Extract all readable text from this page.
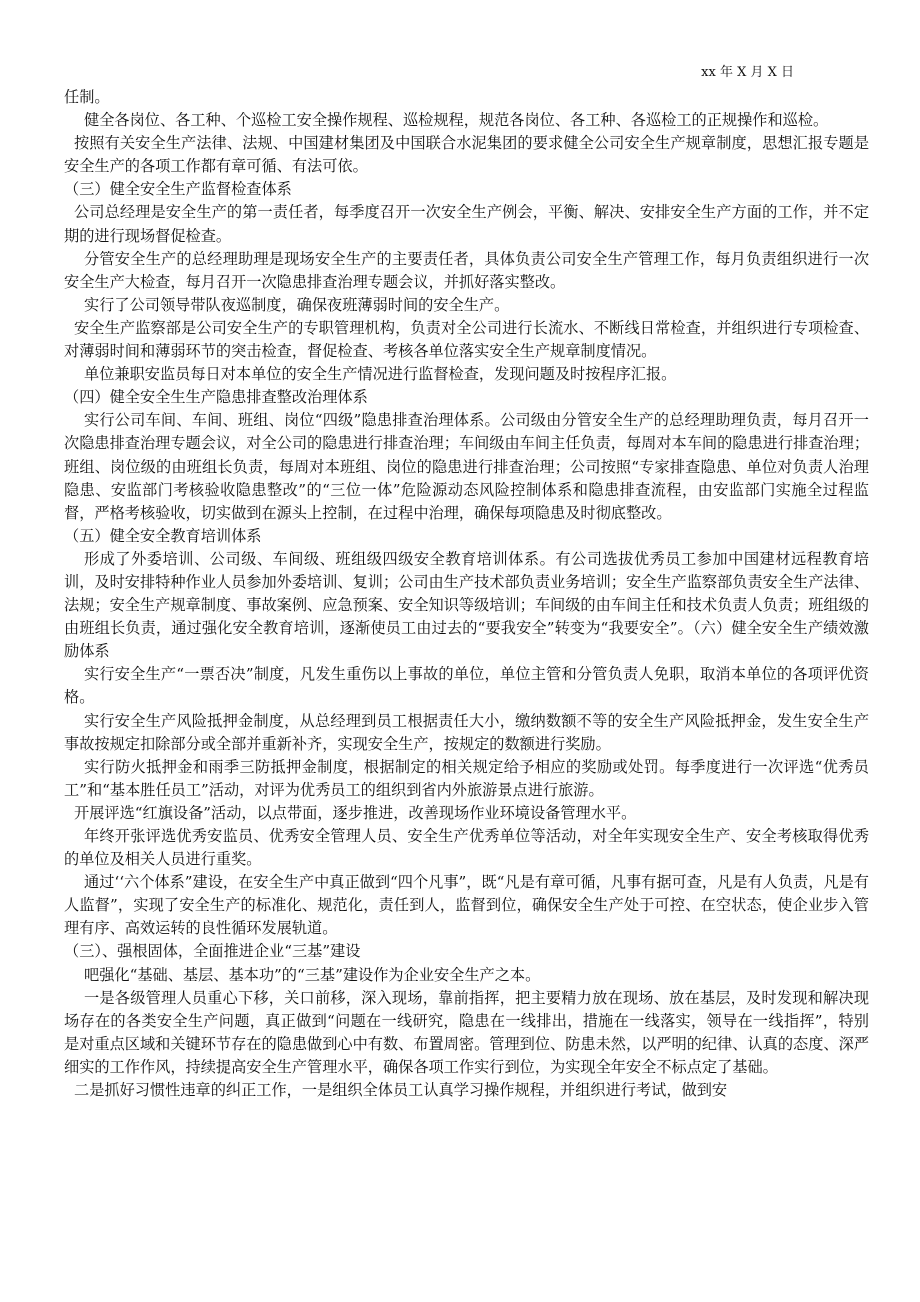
xx 年 X 月 X 日

任制。

健全各岗位、各工种、个巡检工安全操作规程、巡检规程，规范各岗位、各工种、各巡检工的正规操作和巡检。

按照有关安全生产法律、法规、中国建材集团及中国联合水泥集团的要求健全公司安全生产规章制度，思想汇报专题是安全生产的各项工作都有章可循、有法可依。

（三）健全安全生产监督检查体系

公司总经理是安全生产的第一责任者，每季度召开一次安全生产例会，平衡、解决、安排安全生产方面的工作，并不定期的进行现场督促检查。

分管安全生产的总经理助理是现场安全生产的主要责任者，具体负责公司安全生产管理工作，每月负责组织进行一次安全生产大检查，每月召开一次隐患排查治理专题会议，并抓好落实整改。

实行了公司领导带队夜巡制度，确保夜班薄弱时间的安全生产。

安全生产监察部是公司安全生产的专职管理机构，负责对全公司进行长流水、不断线日常检查，并组织进行专项检查、对薄弱时间和薄弱环节的突击检查，督促检查、考核各单位落实安全生产规章制度情况。

单位兼职安监员每日对本单位的安全生产情况进行监督检查，发现问题及时按程序汇报。

（四）健全安全生生产隐患排查整改治理体系

实行公司车间、车间、班组、岗位“四级”隐患排查治理体系。公司级由分管安全生产的总经理助理负责，每月召开一次隐患排查治理专题会议，对全公司的隐患进行排查治理；车间级由车间主任负责，每周对本车间的隐患进行排查治理；班组、岗位级的由班组长负责，每周对本班组、岗位的隐患进行排查治理；公司按照“专家排查隐患、单位对负责人治理隐患、安监部门考核验收隐患整改”的“三位一体”危险源动态风险控制体系和隐患排查流程，由安监部门实施全过程监督，严格考核验收，切实做到在源头上控制，在过程中治理，确保每项隐患及时彻底整改。

（五）健全安全教育培训体系

形成了外委培训、公司级、车间级、班组级四级安全教育培训体系。有公司选拔优秀员工参加中国建材远程教育培训，及时安排特种作业人员参加外委培训、复训；公司由生产技术部负责业务培训；安全生产监察部负责安全生产法律、法规；安全生产规章制度、事故案例、应急预案、安全知识等级培训；车间级的由车间主任和技术负责人负责；班组级的由班组长负责，通过强化安全教育培训，逐渐使员工由过去的“要我安全”转变为“我要安全”。（六）健全安全生产绩效激励体系

实行安全生产“一票否决”制度，凡发生重伤以上事故的单位，单位主管和分管负责人免职，取消本单位的各项评优资格。

实行安全生产风险抵押金制度，从总经理到员工根据责任大小，缴纳数额不等的安全生产风险抵押金，发生安全生产事故按规定扣除部分或全部并重新补齐，实现安全生产，按规定的数额进行奖励。

实行防火抵押金和雨季三防抵押金制度，根据制定的相关规定给予相应的奖励或处罚。每季度进行一次评选“优秀员工”和“基本胜任员工”活动，对评为优秀员工的组织到省内外旅游景点进行旅游。

开展评选“红旗设备”活动，以点带面，逐步推进，改善现场作业环境设备管理水平。

年终开张评选优秀安监员、优秀安全管理人员、安全生产优秀单位等活动，对全年实现安全生产、安全考核取得优秀的单位及相关人员进行重奖。

通过‘‘六个体系”建设，在安全生产中真正做到“四个凡事”，既“凡是有章可循，凡事有据可查，凡是有人负责，凡是有人监督”，实现了安全生产的标准化、规范化，责任到人，监督到位，确保安全生产处于可控、在空状态，使企业步入管理有序、高效运转的良性循环发展轨道。

（三）、强根固体，全面推进企业“三基”建设

吧强化“基础、基层、基本功”的“三基”建设作为企业安全生产之本。

一是各级管理人员重心下移，关口前移，深入现场，靠前指挥，把主要精力放在现场、放在基层，及时发现和解决现场存在的各类安全生产问题，真正做到“问题在一线研究，隐患在一线排出，措施在一线落实，领导在一线指挥”，特别是对重点区域和关键环节存在的隐患做到心中有数、布置周密。管理到位、防患未然，以严明的纪律、认真的态度、深严细实的工作作风，持续提高安全生产管理水平，确保各项工作实行到位，为实现全年安全不标点定了基础。

二是抓好习惯性违章的纠正工作，一是组织全体员工认真学习操作规程，并组织进行考试，做到安
